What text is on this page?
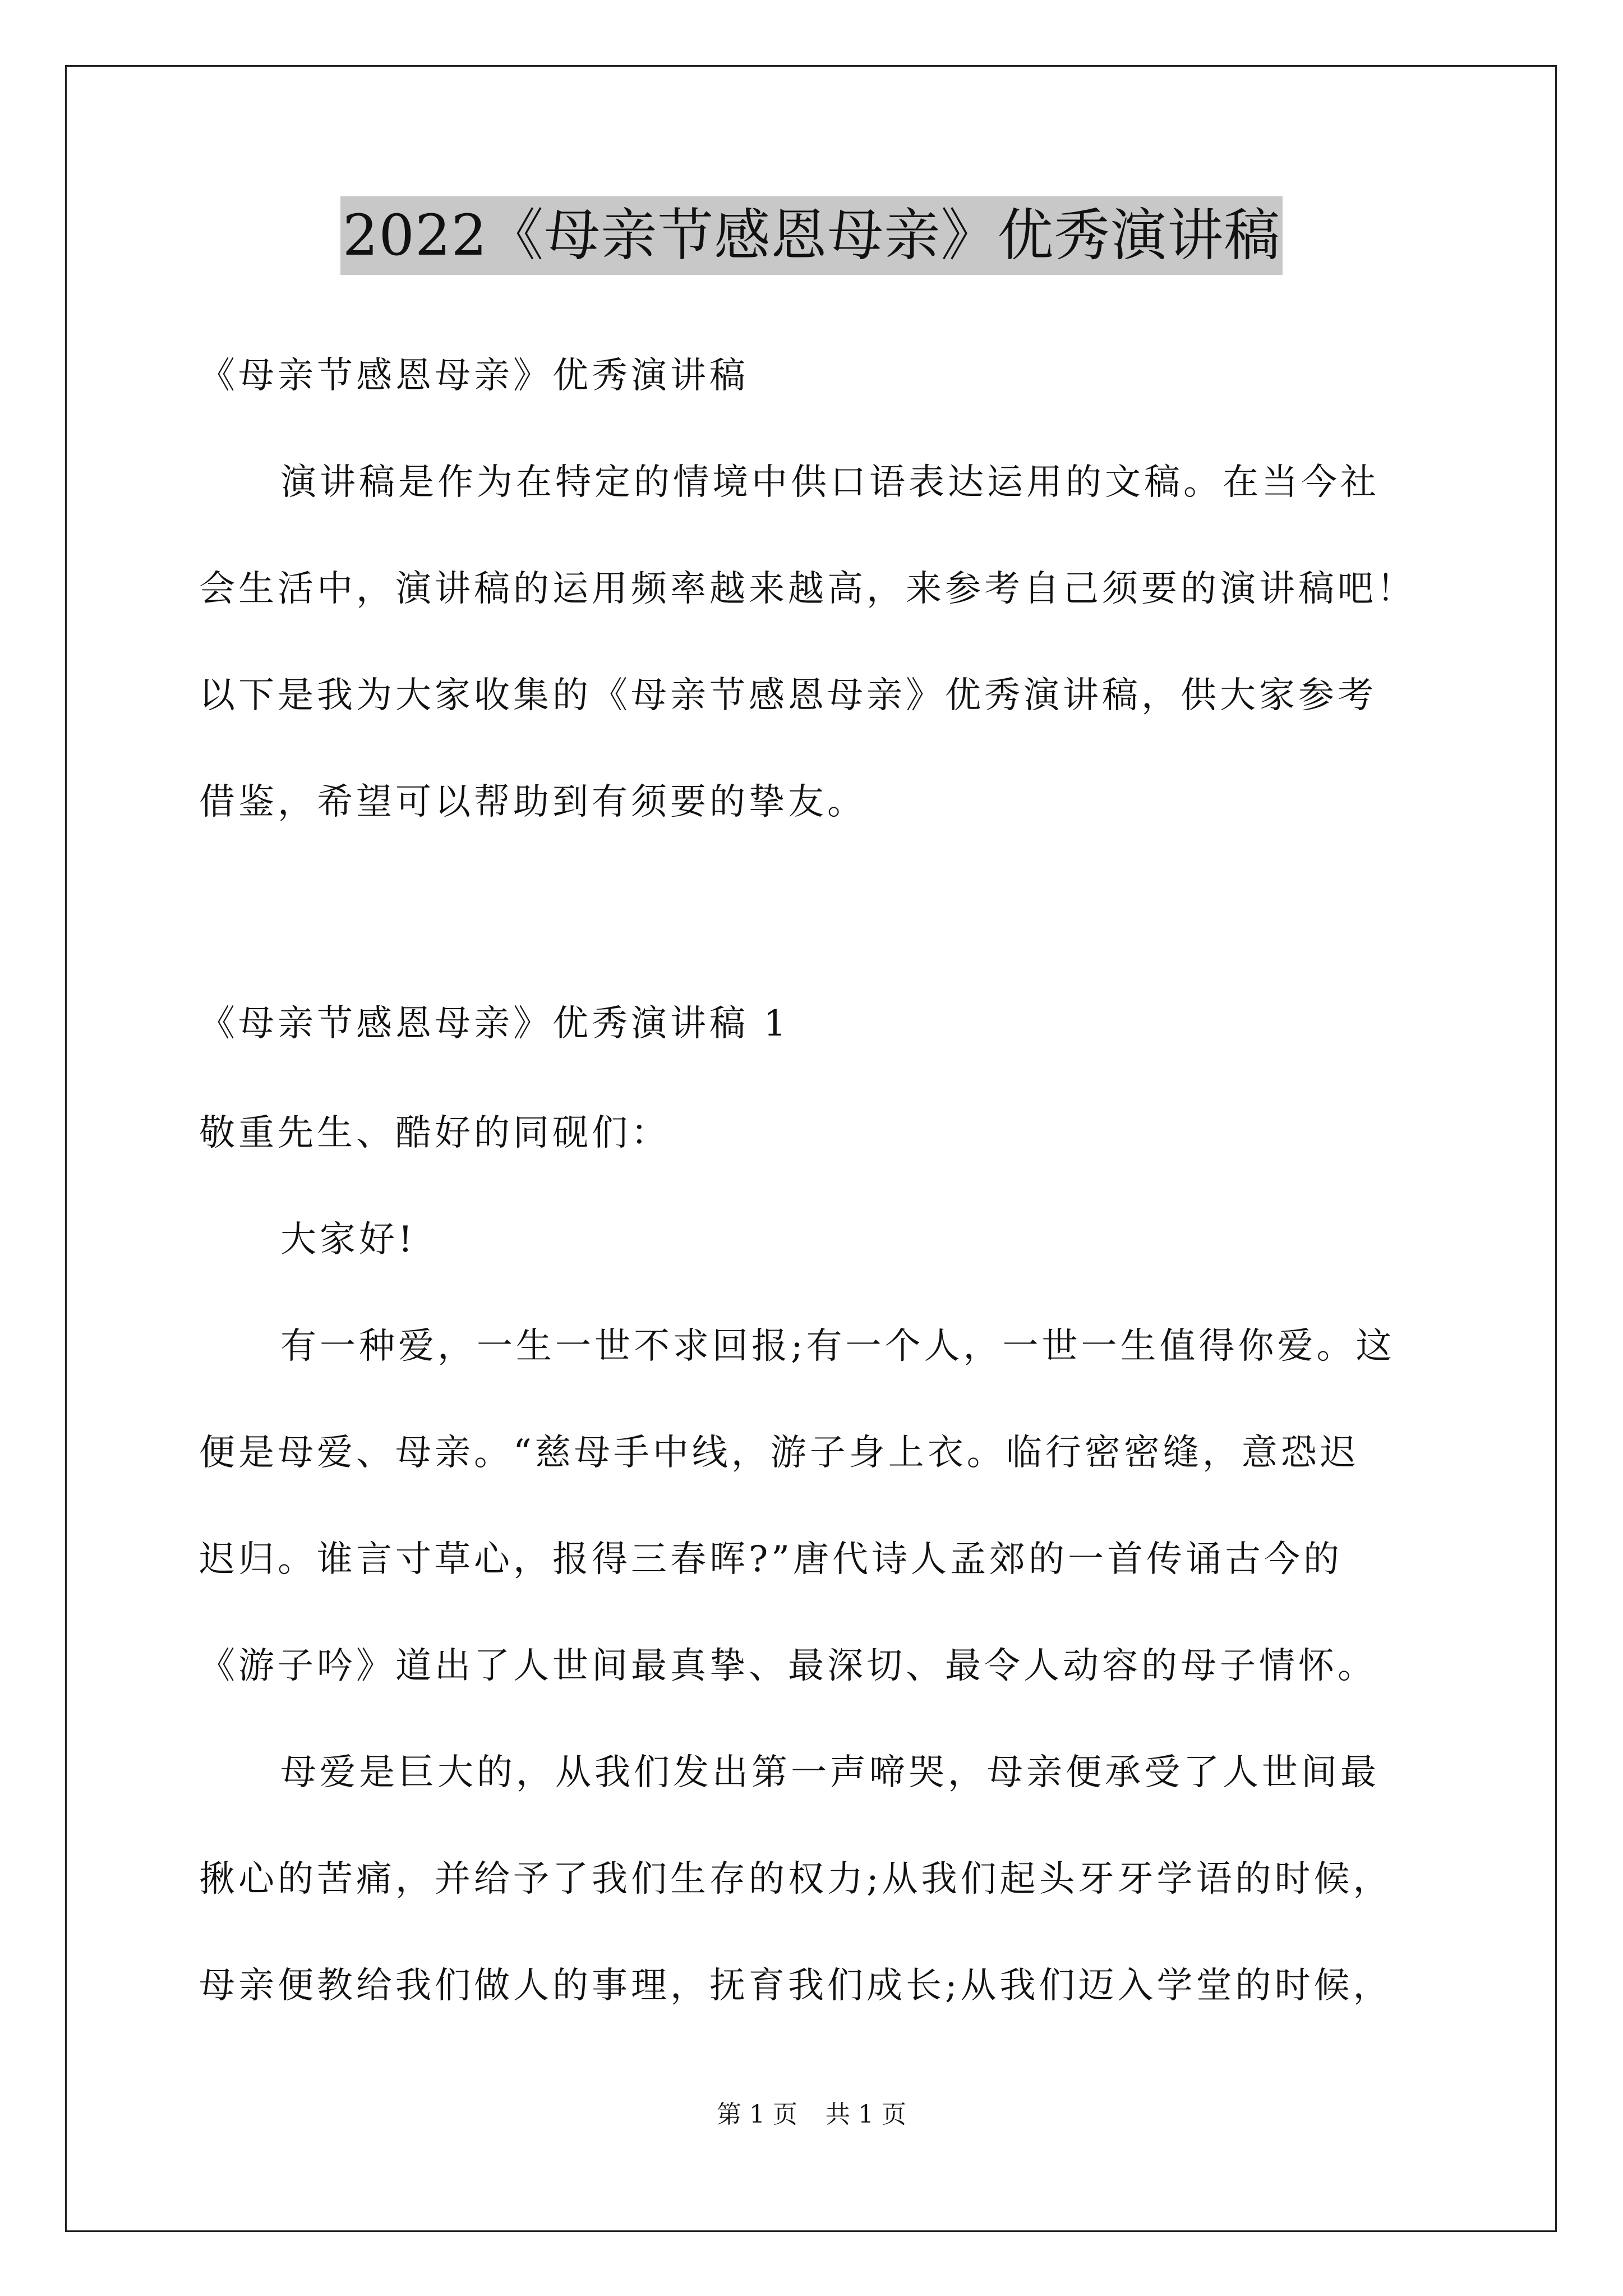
2022《母亲节感恩母亲》优秀演讲稿
《母亲节感恩母亲》优秀演讲稿
演讲稿是作为在特定的情境中供口语表达运用的文稿。在当今社
会生活中，演讲稿的运用频率越来越高，来参考自己须要的演讲稿吧！
以下是我为大家收集的《母亲节感恩母亲》优秀演讲稿，供大家参考
借鉴，希望可以帮助到有须要的挚友。
《母亲节感恩母亲》优秀演讲稿 1
敬重先生、酷好的同砚们：
大家好!
有一种爱，一生一世不求回报;有一个人，一世一生值得你爱。这
便是母爱、母亲。“慈母手中线，游子身上衣。临行密密缝，意恐迟
迟归。谁言寸草心，报得三春晖?”唐代诗人孟郊的一首传诵古今的
《游子吟》道出了人世间最真挚、最深切、最令人动容的母子情怀。
母爱是巨大的，从我们发出第一声啼哭，母亲便承受了人世间最
揪心的苦痛，并给予了我们生存的权力;从我们起头牙牙学语的时候，
母亲便教给我们做人的事理，抚育我们成长;从我们迈入学堂的时候，
第 1 页 共 1 页
